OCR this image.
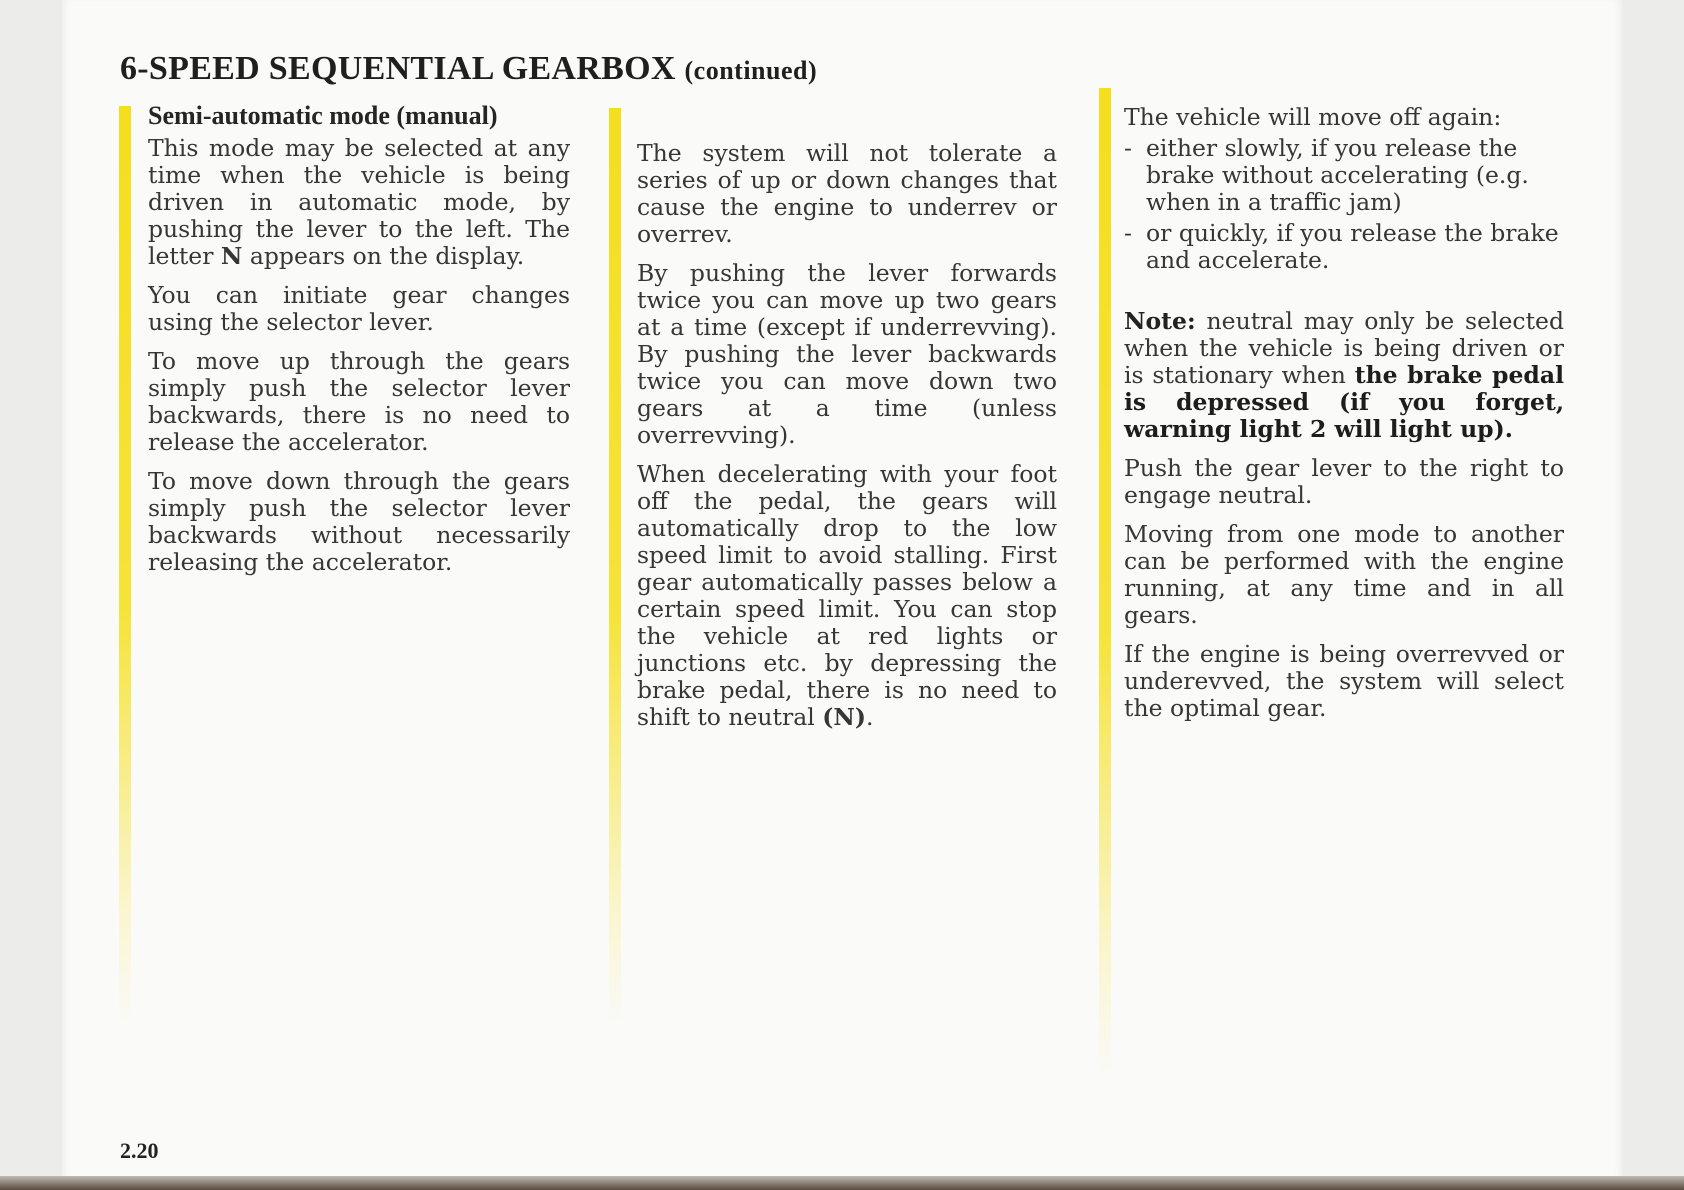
6-SPEED SEQUENTIAL GEARBOX (continued)
Semi-automatic mode (manual)

This mode may be selected at any time when the vehicle is being driven in automatic mode, by pushing the lever to the left. The letter N appears on the display.

You can initiate gear changes using the selector lever.

To move up through the gears simply push the selector lever backwards, there is no need to release the accelerator.

To move down through the gears simply push the selector lever backwards without necessarily releasing the accelerator.

The system will not tolerate a series of up or down changes that cause the engine to underrev or overrev.

By pushing the lever forwards twice you can move up two gears at a time (except if underrevving). By pushing the lever backwards twice you can move down two gears at a time (unless overrevving).

When decelerating with your foot off the pedal, the gears will automatically drop to the low speed limit to avoid stalling. First gear automatically passes below a certain speed limit. You can stop the vehicle at red lights or junctions etc. by depressing the brake pedal, there is no need to shift to neutral (N).

The vehicle will move off again:

- either slowly, if you release the brake without accelerating (e.g. when in a traffic jam)
- or quickly, if you release the brake and accelerate.

Note: neutral may only be selected when the vehicle is being driven or is stationary when the brake pedal is depressed (if you forget, warning light 2 will light up).

Push the gear lever to the right to engage neutral.

Moving from one mode to another can be performed with the engine running, at any time and in all gears.

If the engine is being overrevved or underevved, the system will select the optimal gear.

2.20
